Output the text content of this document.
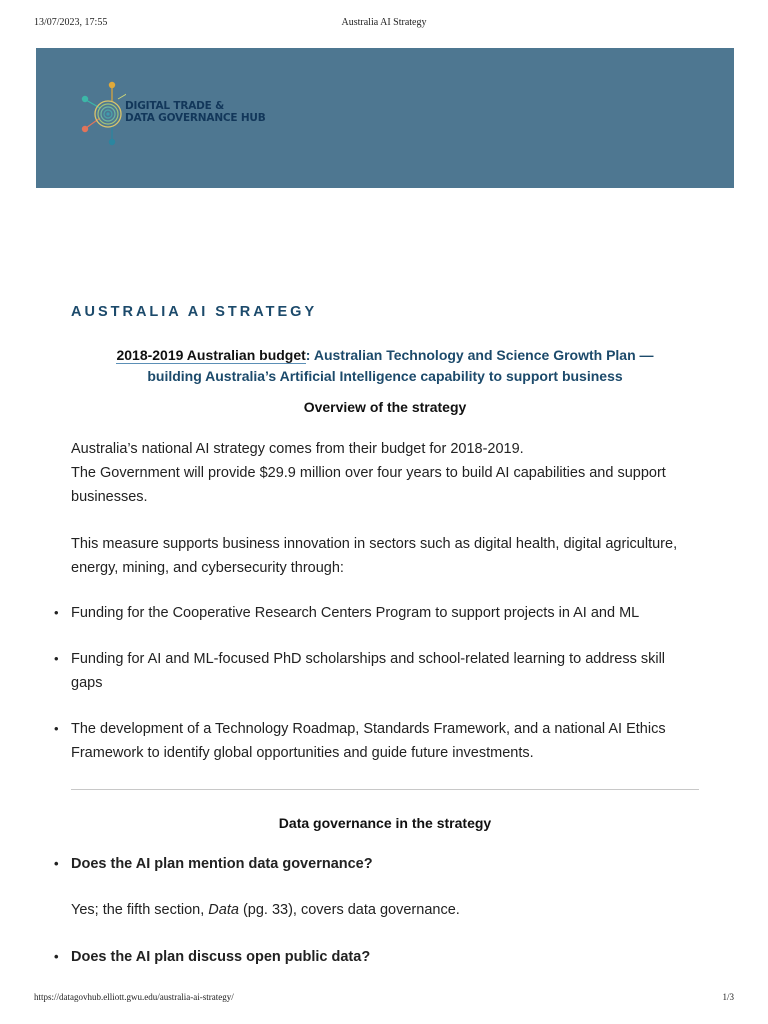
13/07/2023, 17:55	Australia AI Strategy
DIGITAL TRADE &
DATA GOVERNANCE HUB
AUSTRALIA AI STRATEGY
2018-2019 Australian budget: Australian Technology and Science Growth Plan —
building Australia’s Artificial Intelligence capability to support business
Overview of the strategy

Australia’s national AI strategy comes from their budget for 2018-2019.

The Government will provide $29.9 million over four years to build AI capabilities and support businesses.

This measure supports business innovation in sectors such as digital health, digital agriculture, energy, mining, and cybersecurity through:

• Funding for the Cooperative Research Centers Program to support projects in AI and ML
• Funding for AI and ML-focused PhD scholarships and school-related learning to address skill gaps
• The development of a Technology Roadmap, Standards Framework, and a national AI Ethics Framework to identify global opportunities and guide future investments.
Data governance in the strategy
• Does the AI plan mention data governance?

Yes; the fifth section, Data (pg. 33), covers data governance.

• Does the AI plan discuss open public data?
https://datagovhub.elliott.gwu.edu/australia-ai-strategy/	1/3
